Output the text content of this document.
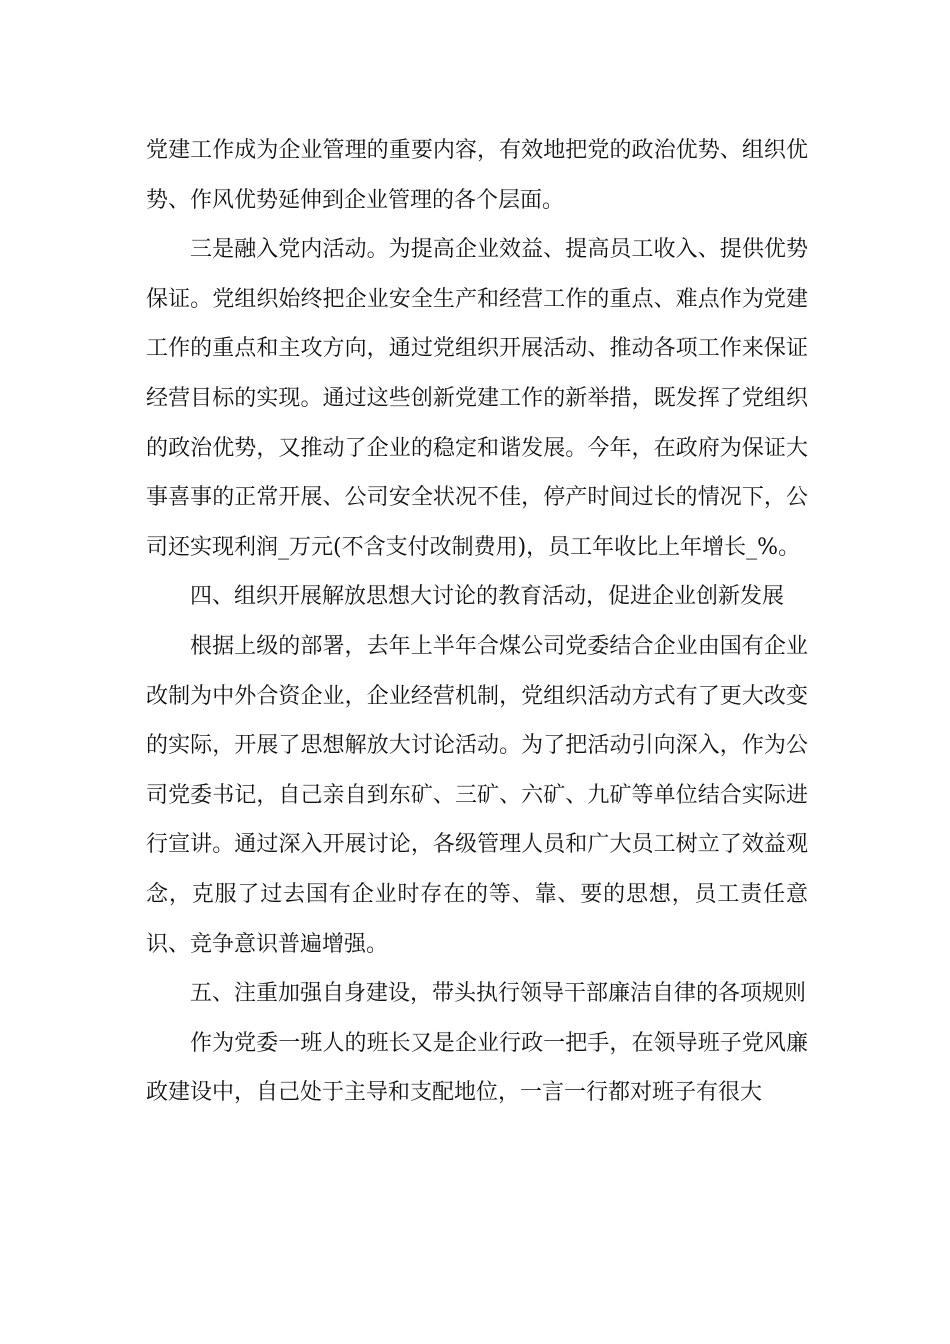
党建工作成为企业管理的重要内容，有效地把党的政治优势、组织优势、作风优势延伸到企业管理的各个层面。

三是融入党内活动。为提高企业效益、提高员工收入、提供优势保证。党组织始终把企业安全生产和经营工作的重点、难点作为党建工作的重点和主攻方向，通过党组织开展活动、推动各项工作来保证经营目标的实现。通过这些创新党建工作的新举措，既发挥了党组织的政治优势，又推动了企业的稳定和谐发展。今年，在政府为保证大事喜事的正常开展、公司安全状况不佳，停产时间过长的情况下，公司还实现利润_万元(不含支付改制费用)，员工年收比上年增长_%。

四、组织开展解放思想大讨论的教育活动，促进企业创新发展

根据上级的部署，去年上半年合煤公司党委结合企业由国有企业改制为中外合资企业，企业经营机制，党组织活动方式有了更大改变的实际，开展了思想解放大讨论活动。为了把活动引向深入，作为公司党委书记，自己亲自到东矿、三矿、六矿、九矿等单位结合实际进行宣讲。通过深入开展讨论，各级管理人员和广大员工树立了效益观念，克服了过去国有企业时存在的等、靠、要的思想，员工责任意识、竞争意识普遍增强。

五、注重加强自身建设，带头执行领导干部廉洁自律的各项规则

作为党委一班人的班长又是企业行政一把手，在领导班子党风廉政建设中，自己处于主导和支配地位，一言一行都对班子有很大
